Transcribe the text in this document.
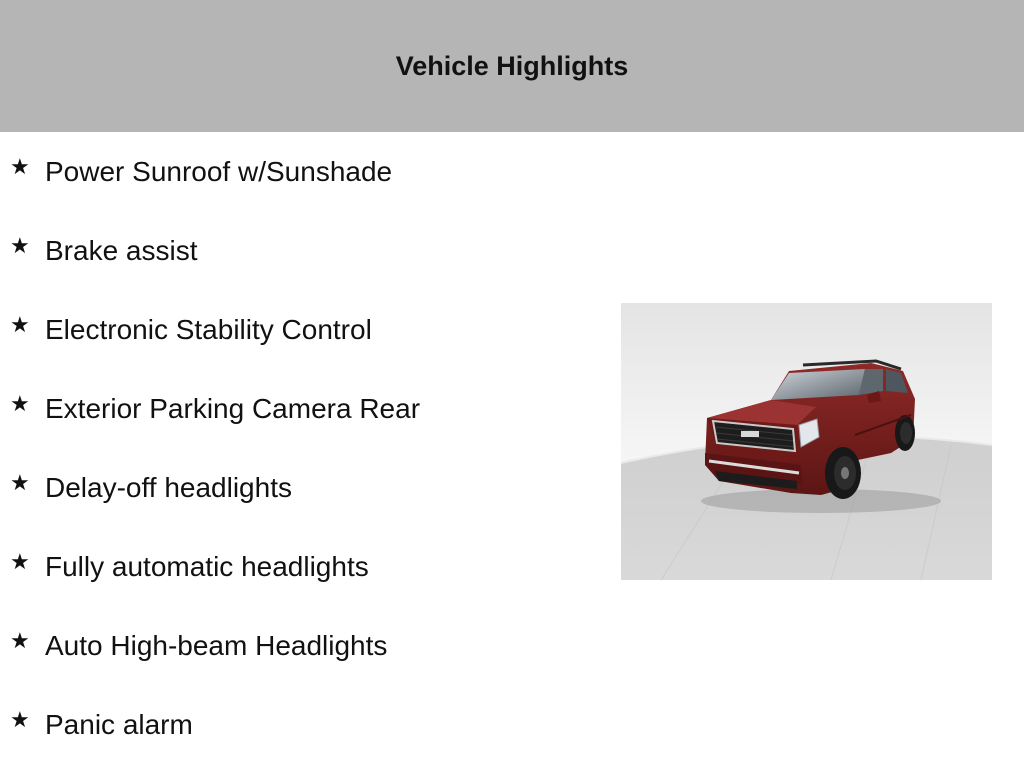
Vehicle Highlights
★ Power Sunroof w/Sunshade
★ Brake assist
★ Electronic Stability Control
★ Exterior Parking Camera Rear
★ Delay-off headlights
★ Fully automatic headlights
★ Auto High-beam Headlights
★ Panic alarm
